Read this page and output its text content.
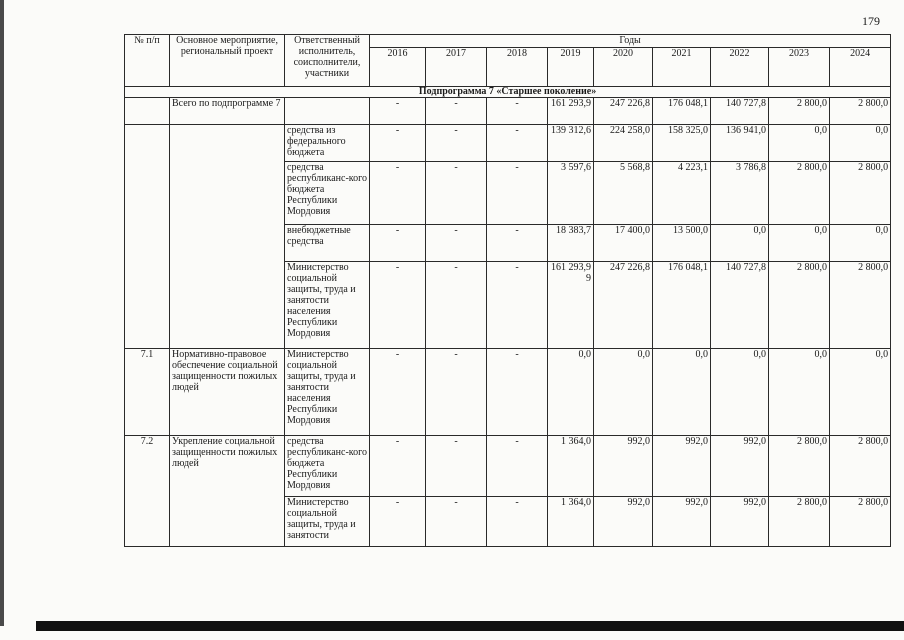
179
№ п/п	Основное мероприятие, региональный проект	Ответственный исполнитель, соисполнители, участники	Годы								
			2016	2017	2018	2019	2020	2021	2022	2023	2024
Подпрограмма 7 «Старшее поколение»											
	Всего по подпрограмме 7		-	-	-	161 293,9	247 226,8	176 048,1	140 727,8	2 800,0	2 800,0
		средства из федерального бюджета	-	-	-	139 312,6	224 258,0	158 325,0	136 941,0	0,0	0,0
		средства республиканс-кого бюджета Республики Мордовия	-	-	-	3 597,6	5 568,8	4 223,1	3 786,8	2 800,0	2 800,0
		внебюджетные средства	-	-	-	18 383,7	17 400,0	13 500,0	0,0	0,0	0,0
		Министерство социальной защиты, труда и занятости населения Республики Мордовия	-	-	-	161 293,9 9	247 226,8	176 048,1	140 727,8	2 800,0	2 800,0
7.1	Нормативно-правовое обеспечение социальной защищенности пожилых людей	Министерство социальной защиты, труда и занятости населения Республики Мордовия	-	-	-	0,0	0,0	0,0	0,0	0,0	0,0
7.2	Укрепление социальной защищенности пожилых людей	средства республиканс-кого бюджета Республики Мордовия	-	-	-	1 364,0	992,0	992,0	992,0	2 800,0	2 800,0
		Министерство социальной защиты, труда и занятости	-	-	-	1 364,0	992,0	992,0	992,0	2 800,0	2 800,0
